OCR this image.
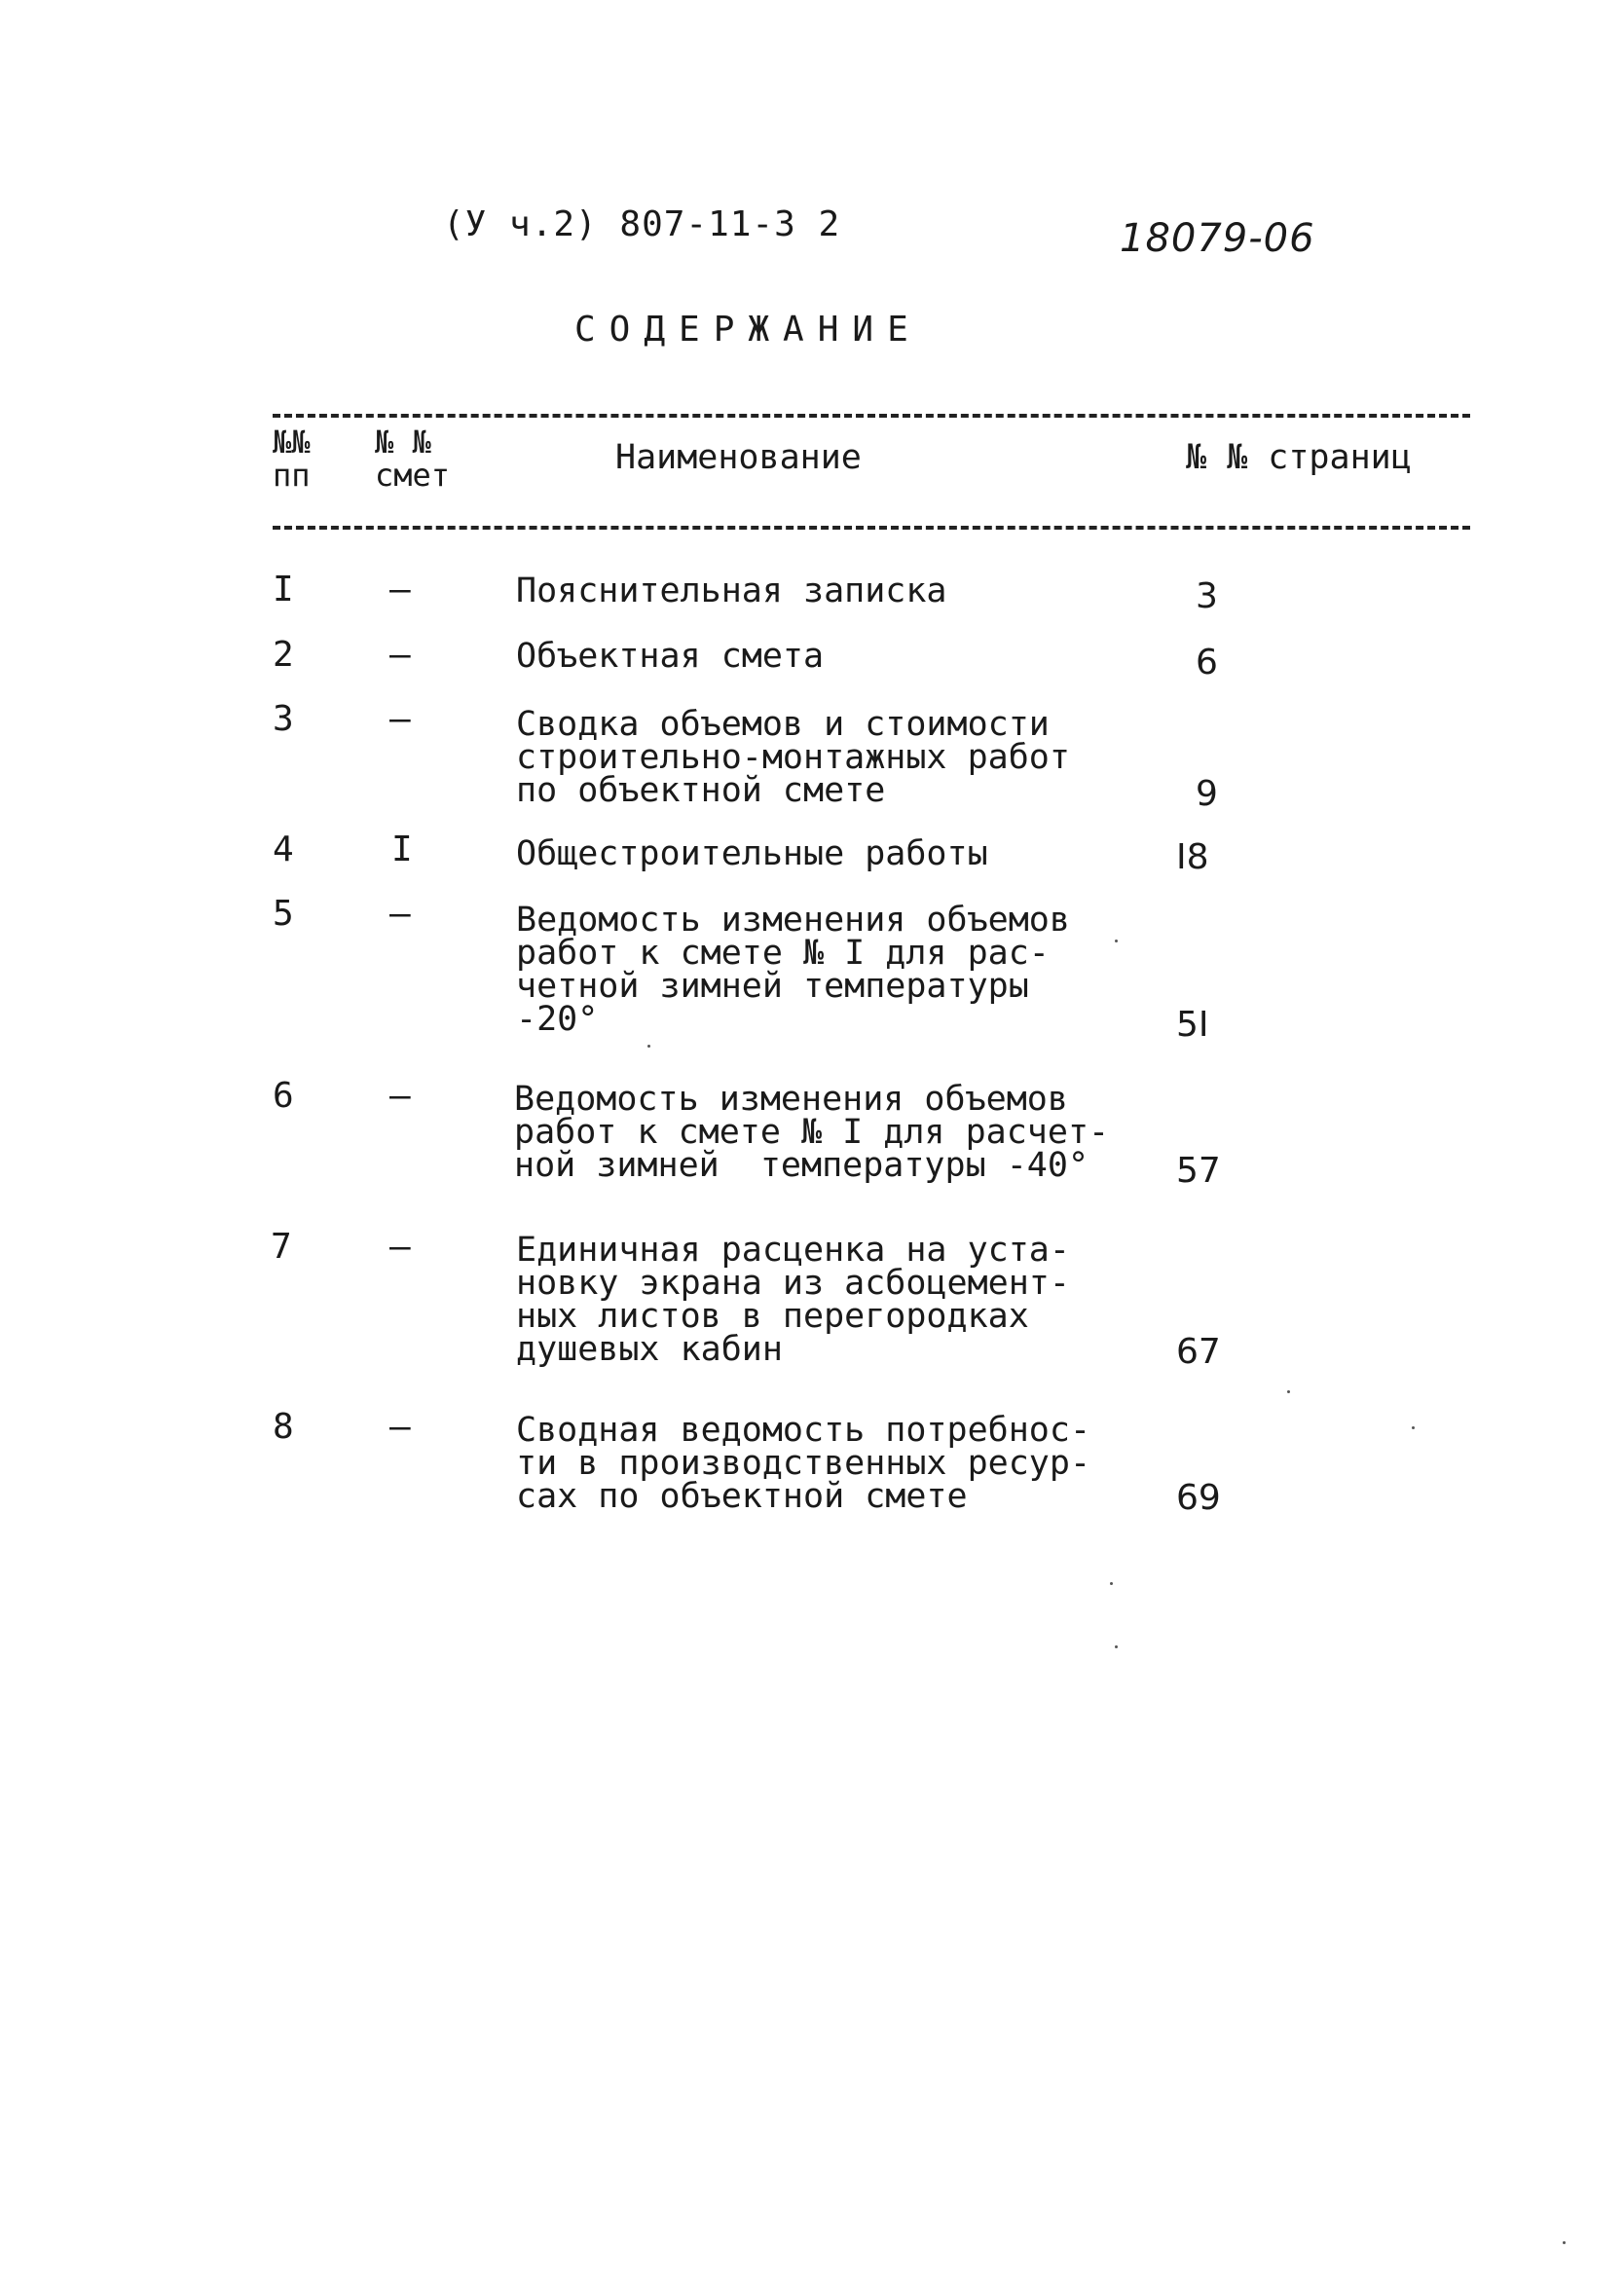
(У ч.2) 807-11-3 2	18079-06
СОДЕРЖАНИЕ
№№
пп
№ №
смет	Наименование	№ № страниц
I	–	Пояснительная записка	3
2	–	Объектная смета	6
3	–	Сводка объемов и стоимости
строительно-монтажных работ
по объектной смете	9
4	I	Общестроительные работы	I8
5	–	Ведомость изменения объемов
работ к смете № I для рас-
четной зимней температуры
-20°	5I
6	–	Ведомость изменения объемов
работ к смете № I для расчет-
ной зимней  температуры -40°	57
7	–	Единичная расценка на уста-
новку экрана из асбоцемент-
ных листов в перегородках
душевых кабин	67
8	–	Сводная ведомость потребнос-
ти в производственных ресур-
сах по объектной смете	69
